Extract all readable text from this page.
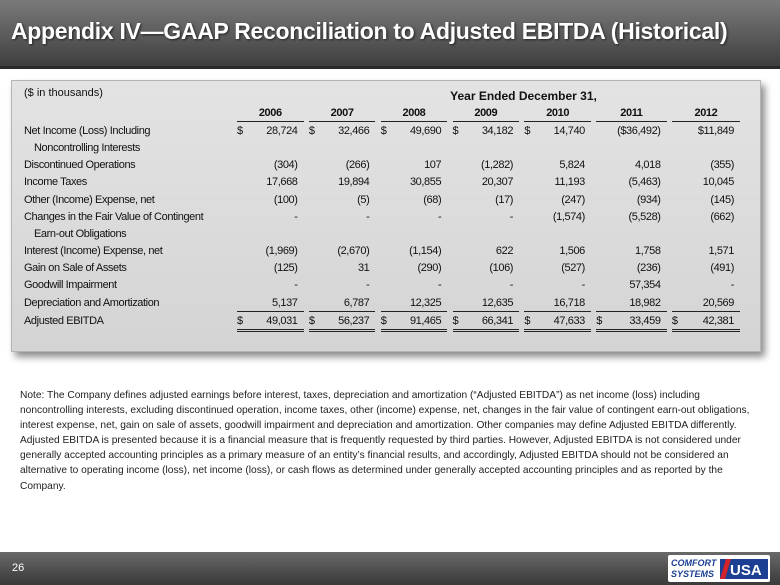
Appendix IV—GAAP Reconciliation to Adjusted EBITDA (Historical)
($ in thousands)	Year Ended December 31,
		2006			2007			2008			2009			2010			2011			2012	
Net Income (Loss) Including		$	28,724		$	32,466		$	49,690		$	34,182		$	14,740			($36,492)			$11,849
Noncontrolling Interests																					
Discontinued Operations			(304)			(266)			107			(1,282)			5,824			4,018			(355)
Income Taxes			17,668			19,894			30,855			20,307			11,193			(5,463)			10,045
Other (Income) Expense, net			(100)			(5)			(68)			(17)			(247)			(934)			(145)
Changes in the Fair Value of Contingent			-			-			-			-			(1,574)			(5,528)			(662)
Earn-out Obligations																					
Interest (Income) Expense, net			(1,969)			(2,670)			(1,154)			622			1,506			1,758			1,571
Gain on Sale of Assets			(125)			31			(290)			(106)			(527)			(236)			(491)
Goodwill Impairment			-			-			-			-			-			57,354			-
Depreciation and Amortization			5,137			6,787			12,325			12,635			16,718			18,982			20,569
Adjusted EBITDA		$	49,031		$	56,237		$	91,465		$	66,341		$	47,633		$	33,459		$	42,381
Note: The Company defines adjusted earnings before interest, taxes, depreciation and amortization (“Adjusted EBITDA”) as net income (loss) including noncontrolling interests, excluding discontinued operation, income taxes, other (income) expense, net, changes in the fair value of contingent earn-out obligations, interest expense, net, gain on sale of assets, goodwill impairment and depreciation and amortization. Other companies may define Adjusted EBITDA differently. Adjusted EBITDA is presented because it is a financial measure that is frequently requested by third parties. However, Adjusted EBITDA is not considered under generally accepted accounting principles as a primary measure of an entity’s financial results, and accordingly, Adjusted EBITDA should not be considered an alternative to operating income (loss), net income (loss), or cash flows as determined under generally accepted accounting principles and as reported by the Company.
26	COMFORT
SYSTEMS USA
